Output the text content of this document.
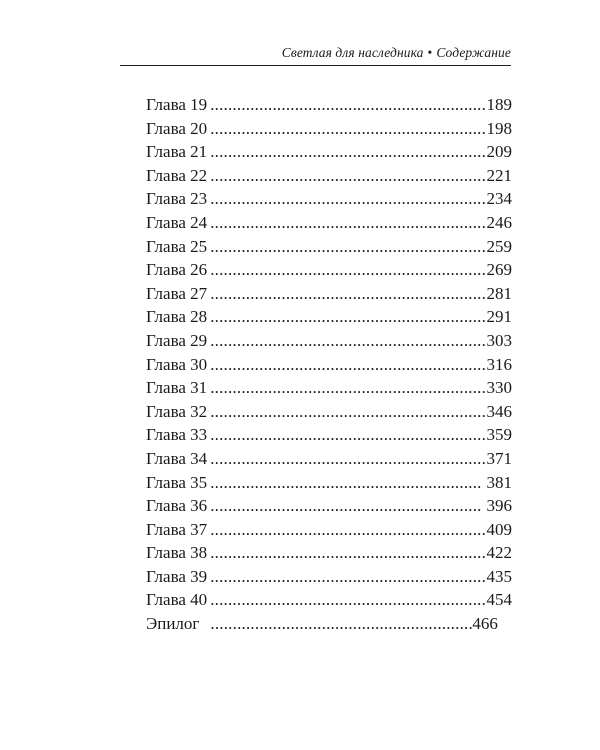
Светлая для наследника • Содержание
Глава 19 .....	189
Глава 20 .....	198
Глава 21 .....	209
Глава 22 .....	221
Глава 23 .....	234
Глава 24 .....	246
Глава 25 .....	259
Глава 26 .....	269
Глава 27 .....	281
Глава 28 .....	291
Глава 29 .....	303
Глава 30 .....	316
Глава 31 .....	330
Глава 32 .....	346
Глава 33 .....	359
Глава 34 .....	371
Глава 35 .....	381
Глава 36 .....	396
Глава 37 .....	409
Глава 38 .....	422
Глава 39 .....	435
Глава 40 .....	454
Эпилог .....	466
